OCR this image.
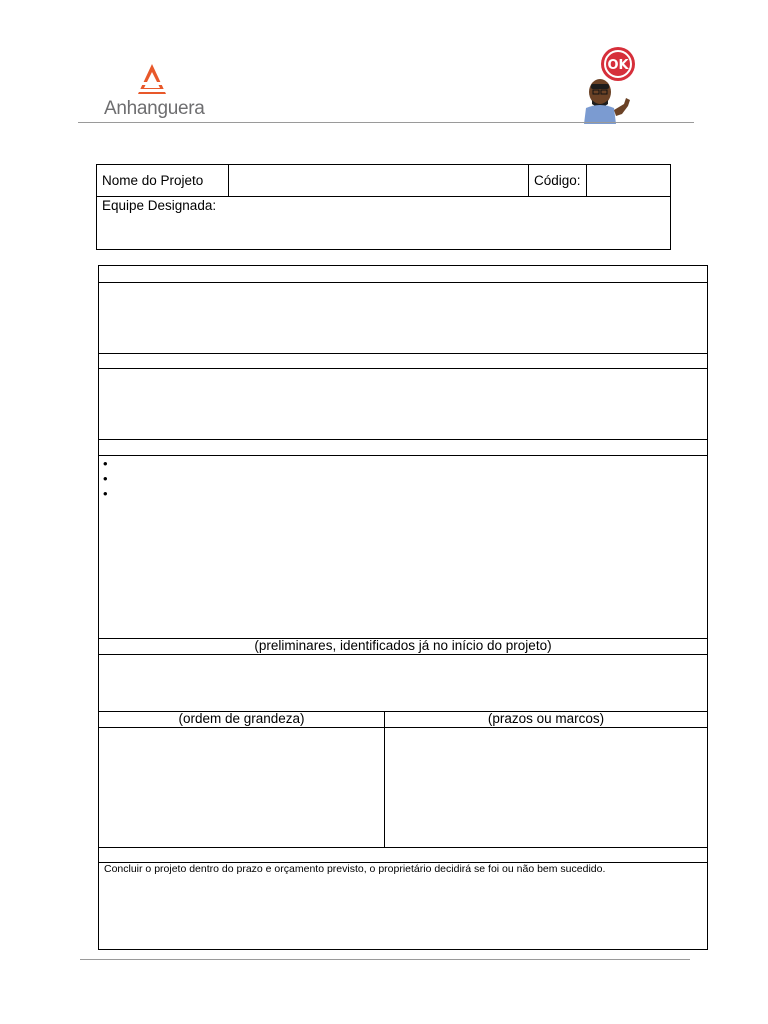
Anhanguera
OK
Nome do Projeto	Código:
Equipe Designada:
•
•
•
(preliminares, identificados já no início do projeto)
(ordem de grandeza)	(prazos ou marcos)
Concluir o projeto dentro do prazo e orçamento previsto, o proprietário decidirá se foi ou não bem sucedido.
